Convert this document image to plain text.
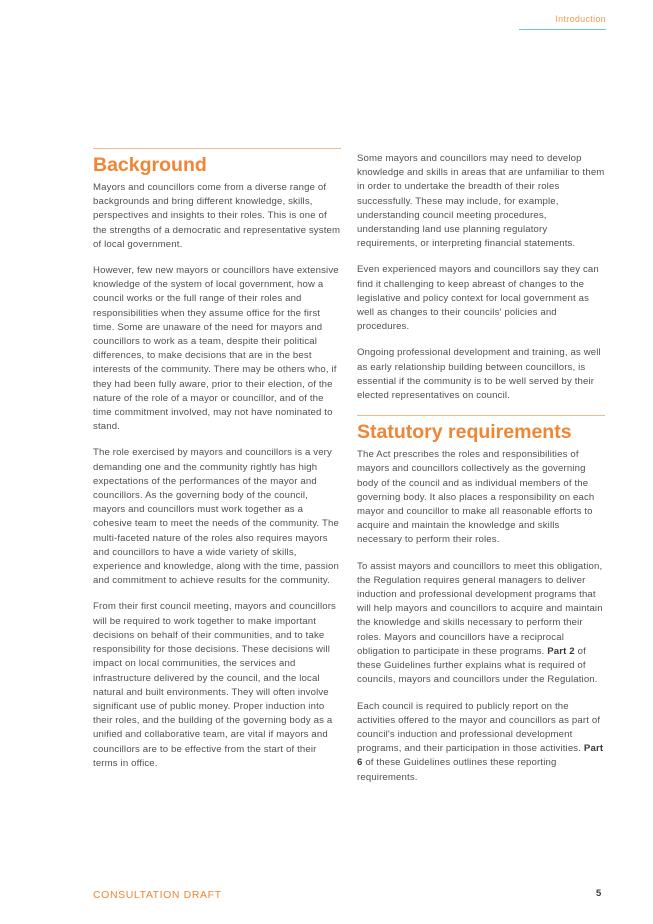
Introduction
Background

Mayors and councillors come from a diverse range of backgrounds and bring different knowledge, skills, perspectives and insights to their roles. This is one of the strengths of a democratic and representative system of local government.

However, few new mayors or councillors have extensive knowledge of the system of local government, how a council works or the full range of their roles and responsibilities when they assume office for the first time. Some are unaware of the need for mayors and councillors to work as a team, despite their political differences, to make decisions that are in the best interests of the community. There may be others who, if they had been fully aware, prior to their election, of the nature of the role of a mayor or councillor, and of the time commitment involved, may not have nominated to stand.

The role exercised by mayors and councillors is a very demanding one and the community rightly has high expectations of the performances of the mayor and councillors. As the governing body of the council, mayors and councillors must work together as a cohesive team to meet the needs of the community. The multi-faceted nature of the roles also requires mayors and councillors to have a wide variety of skills, experience and knowledge, along with the time, passion and commitment to achieve results for the community.

From their first council meeting, mayors and councillors will be required to work together to make important decisions on behalf of their communities, and to take responsibility for those decisions. These decisions will impact on local communities, the services and infrastructure delivered by the council, and the local natural and built environments. They will often involve significant use of public money. Proper induction into their roles, and the building of the governing body as a unified and collaborative team, are vital if mayors and councillors are to be effective from the start of their terms in office.

Some mayors and councillors may need to develop knowledge and skills in areas that are unfamiliar to them in order to undertake the breadth of their roles successfully. These may include, for example, understanding council meeting procedures, understanding land use planning regulatory requirements, or interpreting financial statements.

Even experienced mayors and councillors say they can find it challenging to keep abreast of changes to the legislative and policy context for local government as well as changes to their councils' policies and procedures.

Ongoing professional development and training, as well as early relationship building between councillors, is essential if the community is to be well served by their elected representatives on council.

Statutory requirements

The Act prescribes the roles and responsibilities of mayors and councillors collectively as the governing body of the council and as individual members of the governing body. It also places a responsibility on each mayor and councillor to make all reasonable efforts to acquire and maintain the knowledge and skills necessary to perform their roles.

To assist mayors and councillors to meet this obligation, the Regulation requires general managers to deliver induction and professional development programs that will help mayors and councillors to acquire and maintain the knowledge and skills necessary to perform their roles. Mayors and councillors have a reciprocal obligation to participate in these programs. Part 2 of these Guidelines further explains what is required of councils, mayors and councillors under the Regulation.

Each council is required to publicly report on the activities offered to the mayor and councillors as part of council's induction and professional development programs, and their participation in those activities. Part 6 of these Guidelines outlines these reporting requirements.

CONSULTATION DRAFT	5
